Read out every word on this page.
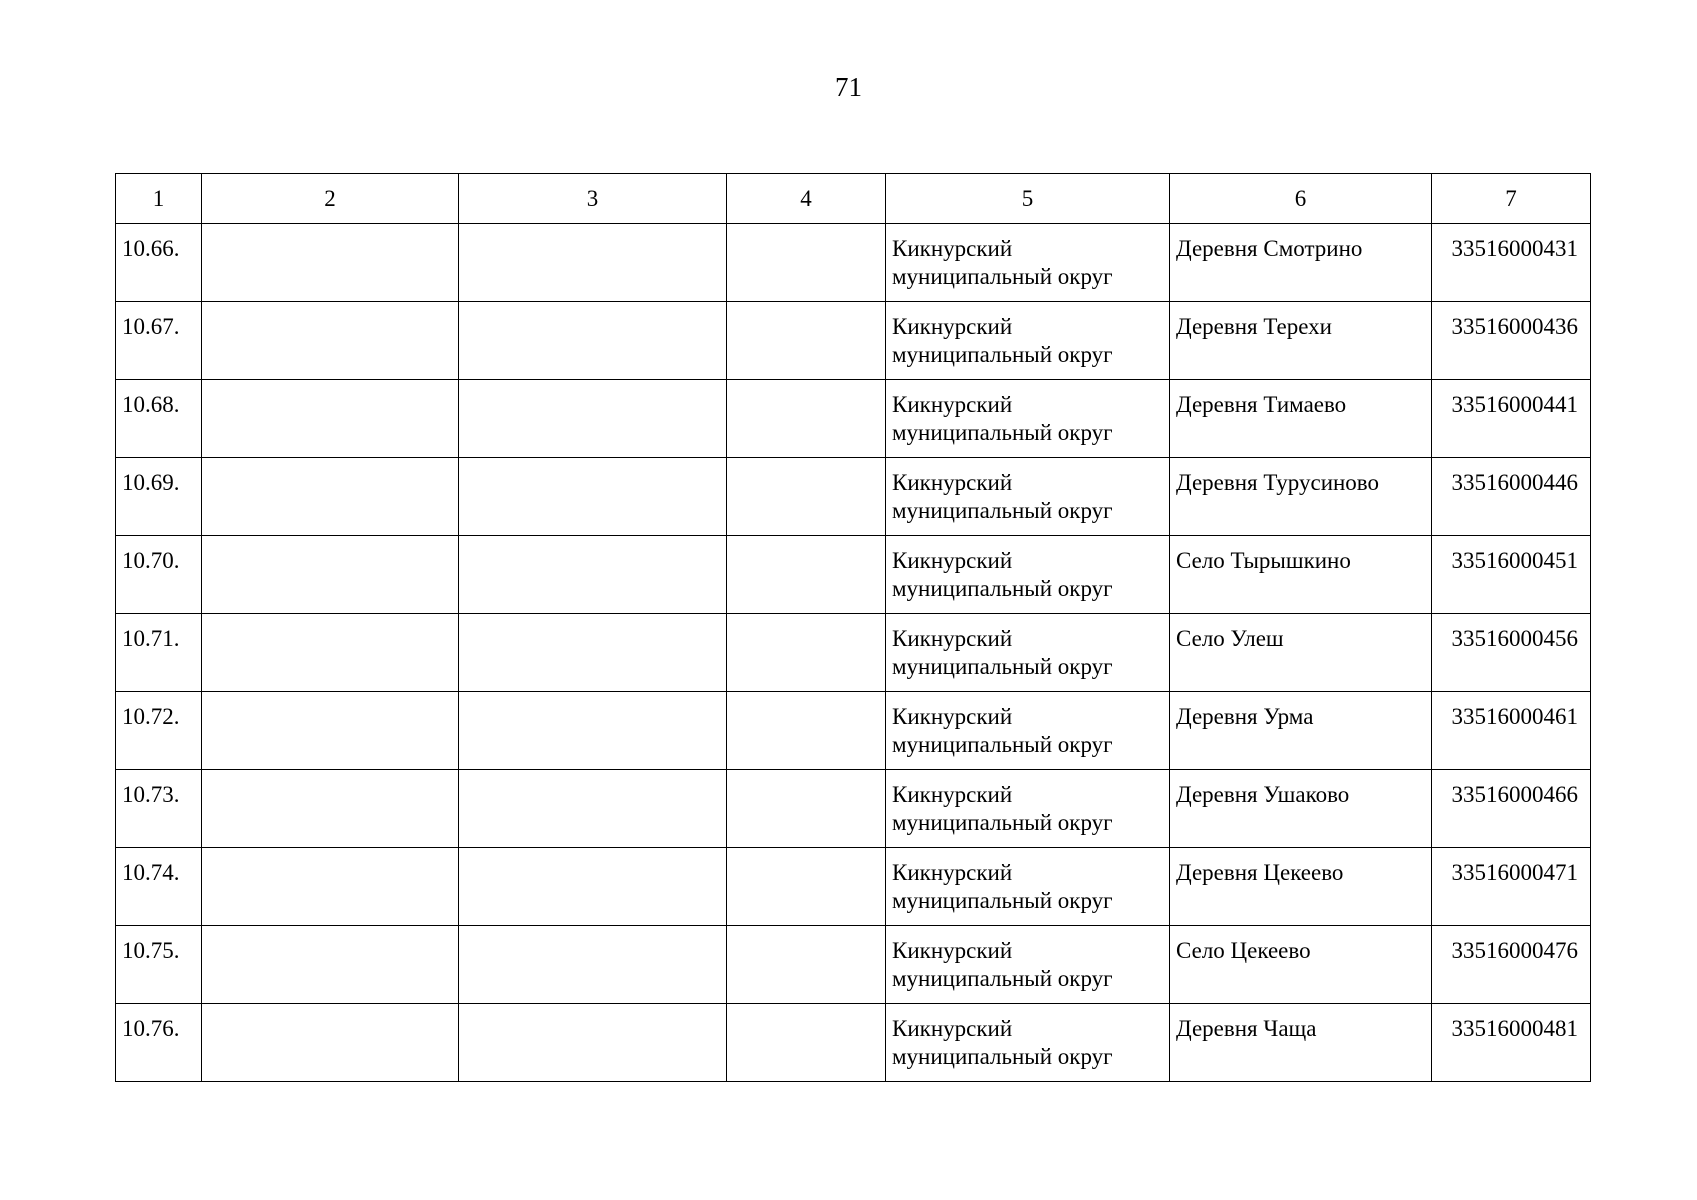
71
1	2	3	4	5	6	7
10.66.				Кикнурский муниципальный округ	Деревня Смотрино	33516000431
10.67.				Кикнурский муниципальный округ	Деревня Терехи	33516000436
10.68.				Кикнурский муниципальный округ	Деревня Тимаево	33516000441
10.69.				Кикнурский муниципальный округ	Деревня Турусиново	33516000446
10.70.				Кикнурский муниципальный округ	Село Тырышкино	33516000451
10.71.				Кикнурский муниципальный округ	Село Улеш	33516000456
10.72.				Кикнурский муниципальный округ	Деревня Урма	33516000461
10.73.				Кикнурский муниципальный округ	Деревня Ушаково	33516000466
10.74.				Кикнурский муниципальный округ	Деревня Цекеево	33516000471
10.75.				Кикнурский муниципальный округ	Село Цекеево	33516000476
10.76.				Кикнурский муниципальный округ	Деревня Чаща	33516000481
